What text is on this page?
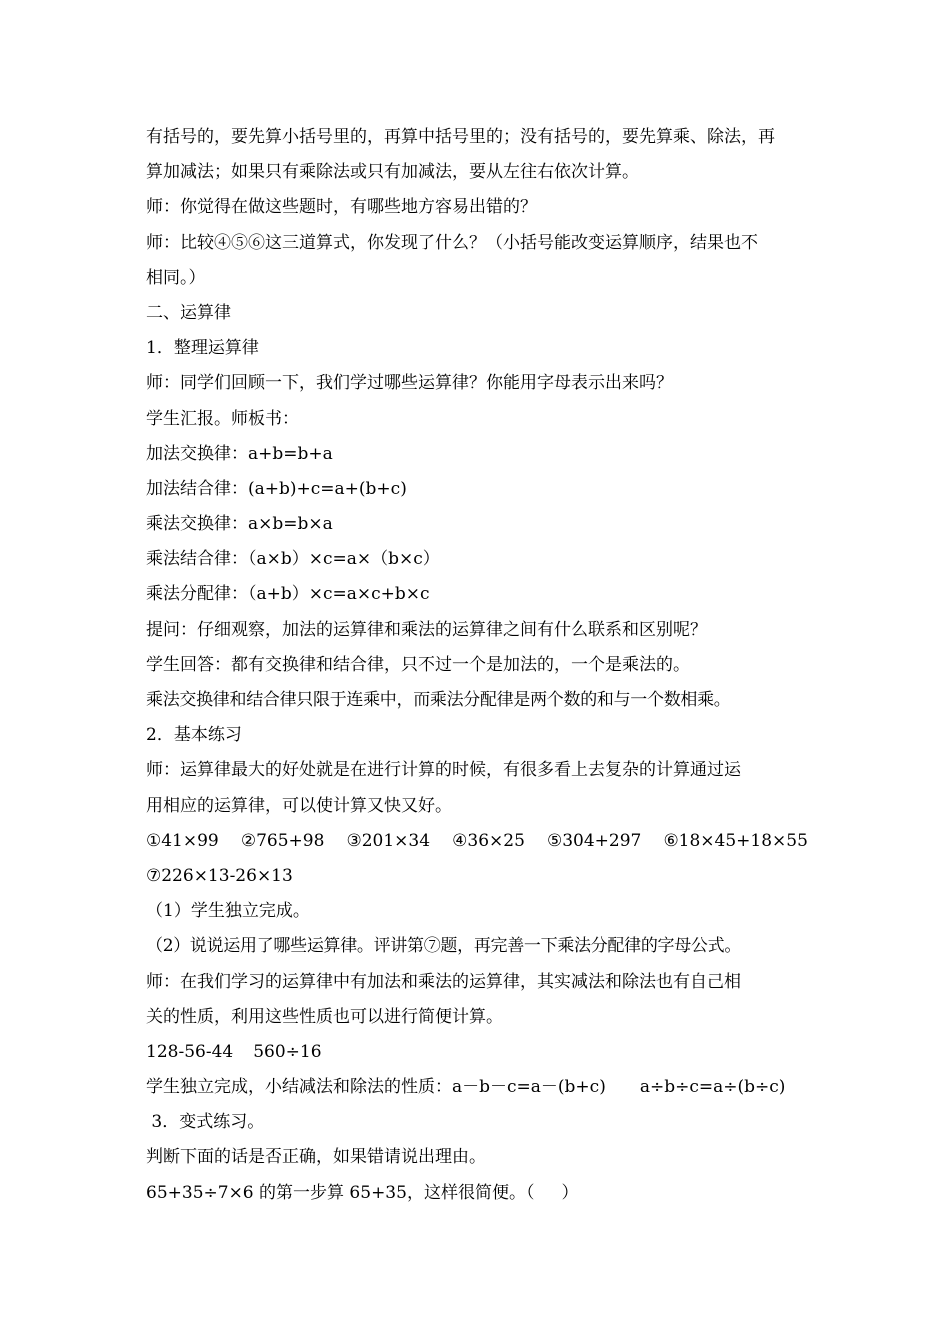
有括号的，要先算小括号里的，再算中括号里的；没有括号的，要先算乘、除法，再
算加减法；如果只有乘除法或只有加减法，要从左往右依次计算。
师：你觉得在做这些题时，有哪些地方容易出错的？
师：比较④⑤⑥这三道算式，你发现了什么？（小括号能改变运算顺序，结果也不
相同。）
二、运算律
1．整理运算律
师：同学们回顾一下，我们学过哪些运算律？你能用字母表示出来吗？
学生汇报。师板书：
加法交换律：a+b=b+a
加法结合律：(a+b)+c=a+(b+c)
乘法交换律：a×b=b×a
乘法结合律：（a×b）×c=a×（b×c）
乘法分配律：（a+b）×c=a×c+b×c
提问：仔细观察，加法的运算律和乘法的运算律之间有什么联系和区别呢？
学生回答：都有交换律和结合律，只不过一个是加法的，一个是乘法的。
乘法交换律和结合律只限于连乘中，而乘法分配律是两个数的和与一个数相乘。
2．基本练习
师：运算律最大的好处就是在进行计算的时候，有很多看上去复杂的计算通过运
用相应的运算律，可以使计算又快又好。
①41×99 ②765+98 ③201×34 ④36×25 ⑤304+297 ⑥18×45+18×55
⑦226×13-26×13
（1）学生独立完成。
（2）说说运用了哪些运算律。评讲第⑦题，再完善一下乘法分配律的字母公式。
师：在我们学习的运算律中有加法和乘法的运算律，其实减法和除法也有自己相
关的性质，利用这些性质也可以进行简便计算。
128-56-44 560÷16
学生独立完成，小结减法和除法的性质：a－b－c=a－(b+c) a÷b÷c=a÷(b÷c)
3．变式练习。
判断下面的话是否正确，如果错请说出理由。
65+35÷7×6 的第一步算 65+35，这样很简便。（     ）
